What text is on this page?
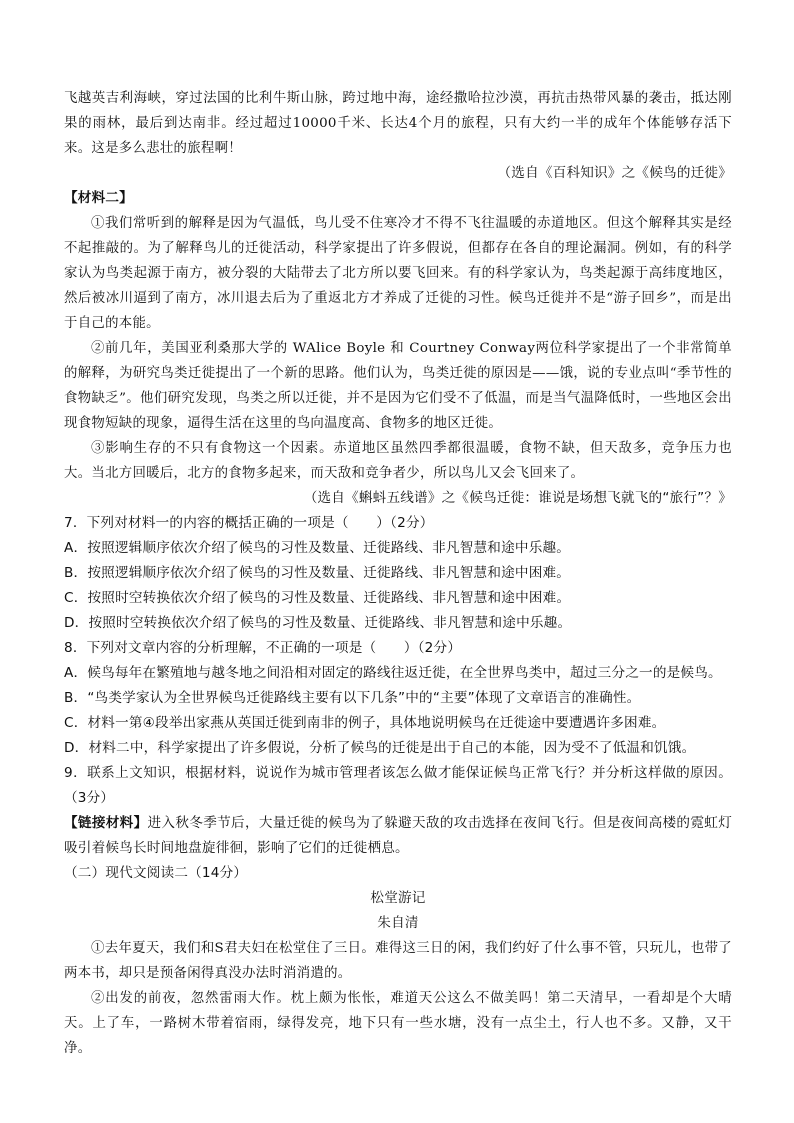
飞越英吉利海峡，穿过法国的比利牛斯山脉，跨过地中海，途经撒哈拉沙漠，再抗击热带风暴的袭击，抵达刚果的雨林，最后到达南非。经过超过10000千米、长达4个月的旅程，只有大约一半的成年个体能够存活下来。这是多么悲壮的旅程啊！

（选自《百科知识》之《候鸟的迁徙》

【材料二】

①我们常听到的解释是因为气温低，鸟儿受不住寒冷才不得不飞往温暖的赤道地区。但这个解释其实是经不起推敲的。为了解释鸟儿的迁徙活动，科学家提出了许多假说，但都存在各自的理论漏洞。例如，有的科学家认为鸟类起源于南方，被分裂的大陆带去了北方所以要飞回来。有的科学家认为，鸟类起源于高纬度地区，然后被冰川逼到了南方，冰川退去后为了重返北方才养成了迁徙的习性。候鸟迁徙并不是“游子回乡”，而是出于自己的本能。

②前几年，美国亚利桑那大学的 WAlice Boyle 和 Courtney Conway两位科学家提出了一个非常简单的解释，为研究鸟类迁徙提出了一个新的思路。他们认为，鸟类迁徙的原因是——饿，说的专业点叫“季节性的食物缺乏”。他们研究发现，鸟类之所以迁徙，并不是因为它们受不了低温，而是当气温降低时，一些地区会出现食物短缺的现象，逼得生活在这里的鸟向温度高、食物多的地区迁徙。

③影响生存的不只有食物这一个因素。赤道地区虽然四季都很温暖，食物不缺，但天敌多，竞争压力也大。当北方回暖后，北方的食物多起来，而天敌和竞争者少，所以鸟儿又会飞回来了。

（选自《蝌蚪五线谱》之《候鸟迁徙：谁说是场想飞就飞的“旅行”？》

7．下列对材料一的内容的概括正确的一项是（　　）（2分）

A．按照逻辑顺序依次介绍了候鸟的习性及数量、迁徙路线、非凡智慧和途中乐趣。

B．按照逻辑顺序依次介绍了候鸟的习性及数量、迁徙路线、非凡智慧和途中困难。

C．按照时空转换依次介绍了候鸟的习性及数量、迁徙路线、非凡智慧和途中困难。

D．按照时空转换依次介绍了候鸟的习性及数量、迁徙路线、非凡智慧和途中乐趣。

8．下列对文章内容的分析理解，不正确的一项是（　　）（2分）

A．候鸟每年在繁殖地与越冬地之间沿相对固定的路线往返迁徙，在全世界鸟类中，超过三分之一的是候鸟。

B．“鸟类学家认为全世界候鸟迁徙路线主要有以下几条”中的“主要”体现了文章语言的准确性。

C．材料一第④段举出家燕从英国迁徙到南非的例子，具体地说明候鸟在迁徙途中要遭遇许多困难。

D．材料二中，科学家提出了许多假说，分析了候鸟的迁徙是出于自己的本能，因为受不了低温和饥饿。

9．联系上文知识，根据材料，说说作为城市管理者该怎么做才能保证候鸟正常飞行？并分析这样做的原因。（3分）

【链接材料】进入秋冬季节后，大量迁徙的候鸟为了躲避天敌的攻击选择在夜间飞行。但是夜间高楼的霓虹灯吸引着候鸟长时间地盘旋徘徊，影响了它们的迁徙栖息。

（二）现代文阅读二（14分）

松堂游记

朱自清

①去年夏天，我们和S君夫妇在松堂住了三日。难得这三日的闲，我们约好了什么事不管，只玩儿，也带了两本书，却只是预备闲得真没办法时消消遣的。

②出发的前夜，忽然雷雨大作。枕上颇为怅怅，难道天公这么不做美吗！第二天清早，一看却是个大晴天。上了车，一路树木带着宿雨，绿得发亮，地下只有一些水塘，没有一点尘土，行人也不多。又静，又干净。
